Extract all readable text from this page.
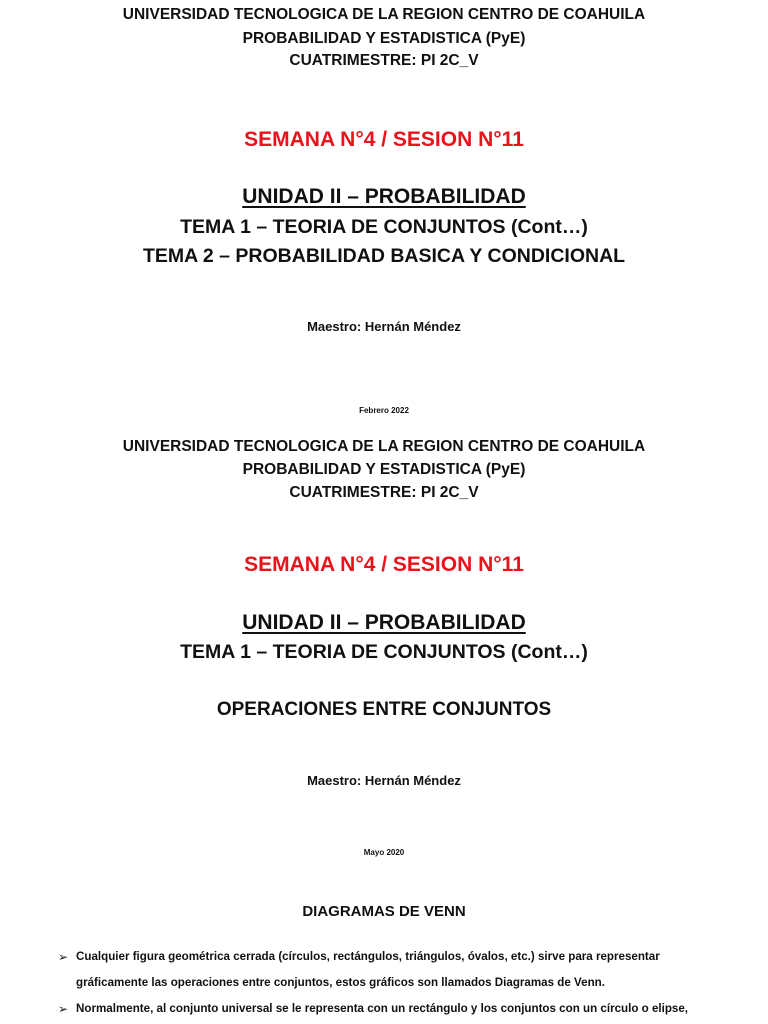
UNIVERSIDAD TECNOLOGICA DE LA REGION CENTRO DE COAHUILA
PROBABILIDAD Y ESTADISTICA (PyE)
CUATRIMESTRE: PI 2C_V
SEMANA N°4 / SESION N°11
UNIDAD II – PROBABILIDAD
TEMA 1 – TEORIA DE CONJUNTOS (Cont…)
TEMA 2 – PROBABILIDAD BASICA Y CONDICIONAL
Maestro: Hernán Méndez
Febrero 2022
UNIVERSIDAD TECNOLOGICA DE LA REGION CENTRO DE COAHUILA
PROBABILIDAD Y ESTADISTICA (PyE)
CUATRIMESTRE: PI 2C_V
SEMANA N°4 / SESION N°11
UNIDAD II – PROBABILIDAD
TEMA 1 – TEORIA DE CONJUNTOS (Cont…)
OPERACIONES ENTRE CONJUNTOS
Maestro: Hernán Méndez
Mayo 2020
DIAGRAMAS DE VENN
➢ Cualquier figura geométrica cerrada (círculos, rectángulos, triángulos, óvalos, etc.) sirve para representar
gráficamente las operaciones entre conjuntos, estos gráficos son llamados Diagramas de Venn.
➢ Normalmente, al conjunto universal se le representa con un rectángulo y los conjuntos con un círculo o elipse,
